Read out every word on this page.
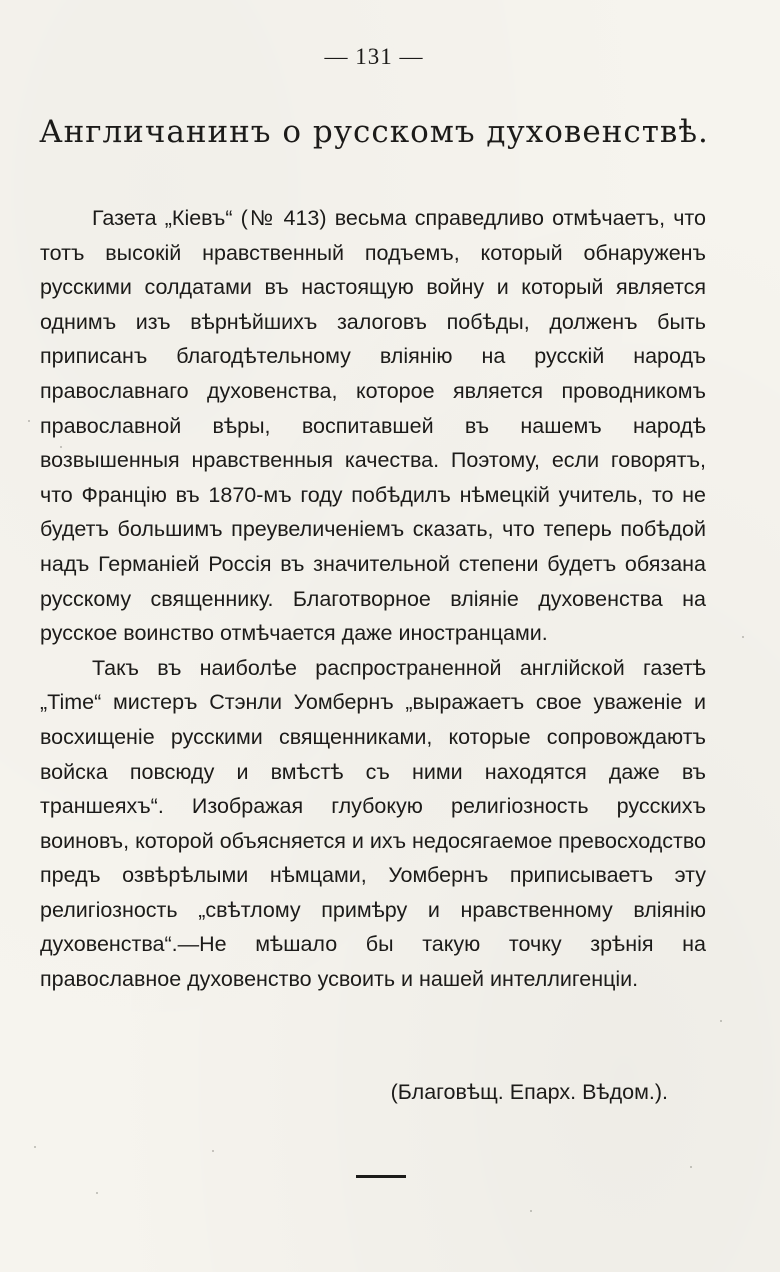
— 131 —
Англичанинъ о русскомъ духовенствѣ.

Газета „Кіевъ“ (№ 413) весьма справедливо отмѣчаетъ, что тотъ высокій нравственный подъемъ, который обнаруженъ русскими солдатами въ настоящую войну и который является однимъ изъ вѣрнѣйшихъ залоговъ побѣды, долженъ быть приписанъ благодѣтельному вліянію на русскій народъ православнаго духовенства, которое является проводникомъ православной вѣры, воспитавшей въ нашемъ народѣ возвышенныя нравственныя качества. Поэтому, если говорятъ, что Францію въ 1870-мъ году побѣдилъ нѣмецкій учитель, то не будетъ большимъ преувеличеніемъ сказать, что теперь побѣдой надъ Германіей Россія въ значительной степени будетъ обязана русскому священнику. Благотворное вліяніе духовенства на русское воинство отмѣчается даже иностранцами.

Такъ въ наиболѣе распространенной англійской газетѣ „Time“ мистеръ Стэнли Уомбернъ „выражаетъ свое уваженіе и восхищеніе русскими священниками, которые сопровождаютъ войска повсюду и вмѣстѣ съ ними находятся даже въ траншеяхъ“. Изображая глубокую религіозность русскихъ воиновъ, которой объясняется и ихъ недосягаемое превосходство предъ озвѣрѣлыми нѣмцами, Уомбернъ приписываетъ эту религіозность „свѣтлому примѣру и нравственному вліянію духовенства“.—Не мѣшало бы такую точку зрѣнія на православное духовенство усвоить и нашей интеллигенціи.

(Благовѣщ. Епарх. Вѣдом.).
